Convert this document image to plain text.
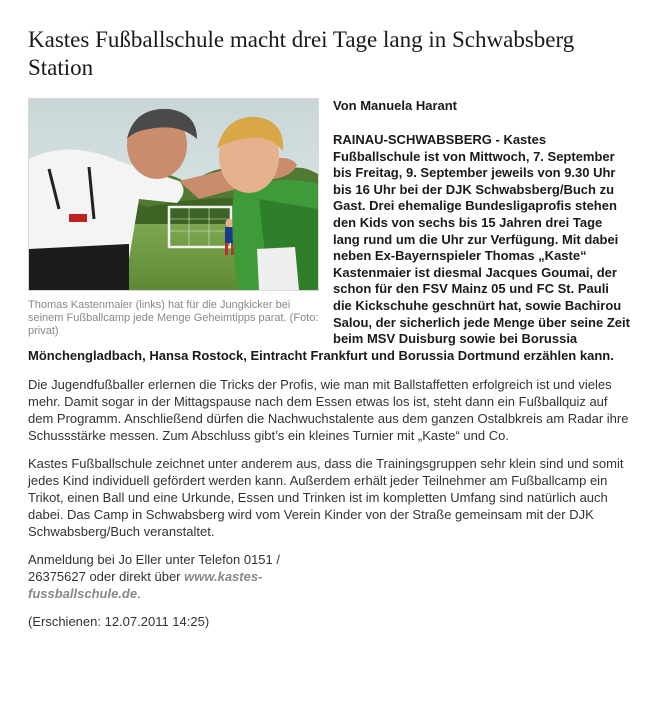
Kastes Fußballschule macht drei Tage lang in Schwabsberg Station
Thomas Kastenmaier (links) hat für die Jungkicker bei seinem Fußballcamp jede Menge Geheimtipps parat. (Foto: privat)
Von Manuela Harant

RAINAU-SCHWABSBERG - Kastes Fußballschule ist von Mittwoch, 7. September bis Freitag, 9. September jeweils von 9.30 Uhr bis 16 Uhr bei der DJK Schwabsberg/Buch zu Gast. Drei ehemalige Bundesligaprofis stehen den Kids von sechs bis 15 Jahren drei Tage lang rund um die Uhr zur Verfügung. Mit dabei neben Ex-Bayernspieler Thomas „Kaste“ Kastenmaier ist diesmal Jacques Goumai, der schon für den FSV Mainz 05 und FC St. Pauli die Kickschuhe geschnürt hat, sowie Bachirou Salou, der sicherlich jede Menge über seine Zeit beim MSV Duisburg sowie bei Borussia Mönchengladbach, Hansa Rostock, Eintracht Frankfurt und Borussia Dortmund erzählen kann.

Die Jugendfußballer erlernen die Tricks der Profis, wie man mit Ballstaffetten erfolgreich ist und vieles mehr. Damit sogar in der Mittagspause nach dem Essen etwas los ist, steht dann ein Fußballquiz auf dem Programm. Anschließend dürfen die Nachwuchstalente aus dem ganzen Ostalbkreis am Radar ihre Schussstärke messen. Zum Abschluss gibt’s ein kleines Turnier mit „Kaste“ und Co.

Kastes Fußballschule zeichnet unter anderem aus, dass die Trainingsgruppen sehr klein sind und somit jedes Kind individuell gefördert werden kann. Außerdem erhält jeder Teilnehmer am Fußballcamp ein Trikot, einen Ball und eine Urkunde, Essen und Trinken ist im kompletten Umfang sind natürlich auch dabei. Das Camp in Schwabsberg wird vom Verein Kinder von der Straße gemeinsam mit der DJK Schwabsberg/Buch veranstaltet.

Anmeldung bei Jo Eller unter Telefon 0151 / 26375627 oder direkt über www.kastes-fussballschule.de.

(Erschienen: 12.07.2011 14:25)
